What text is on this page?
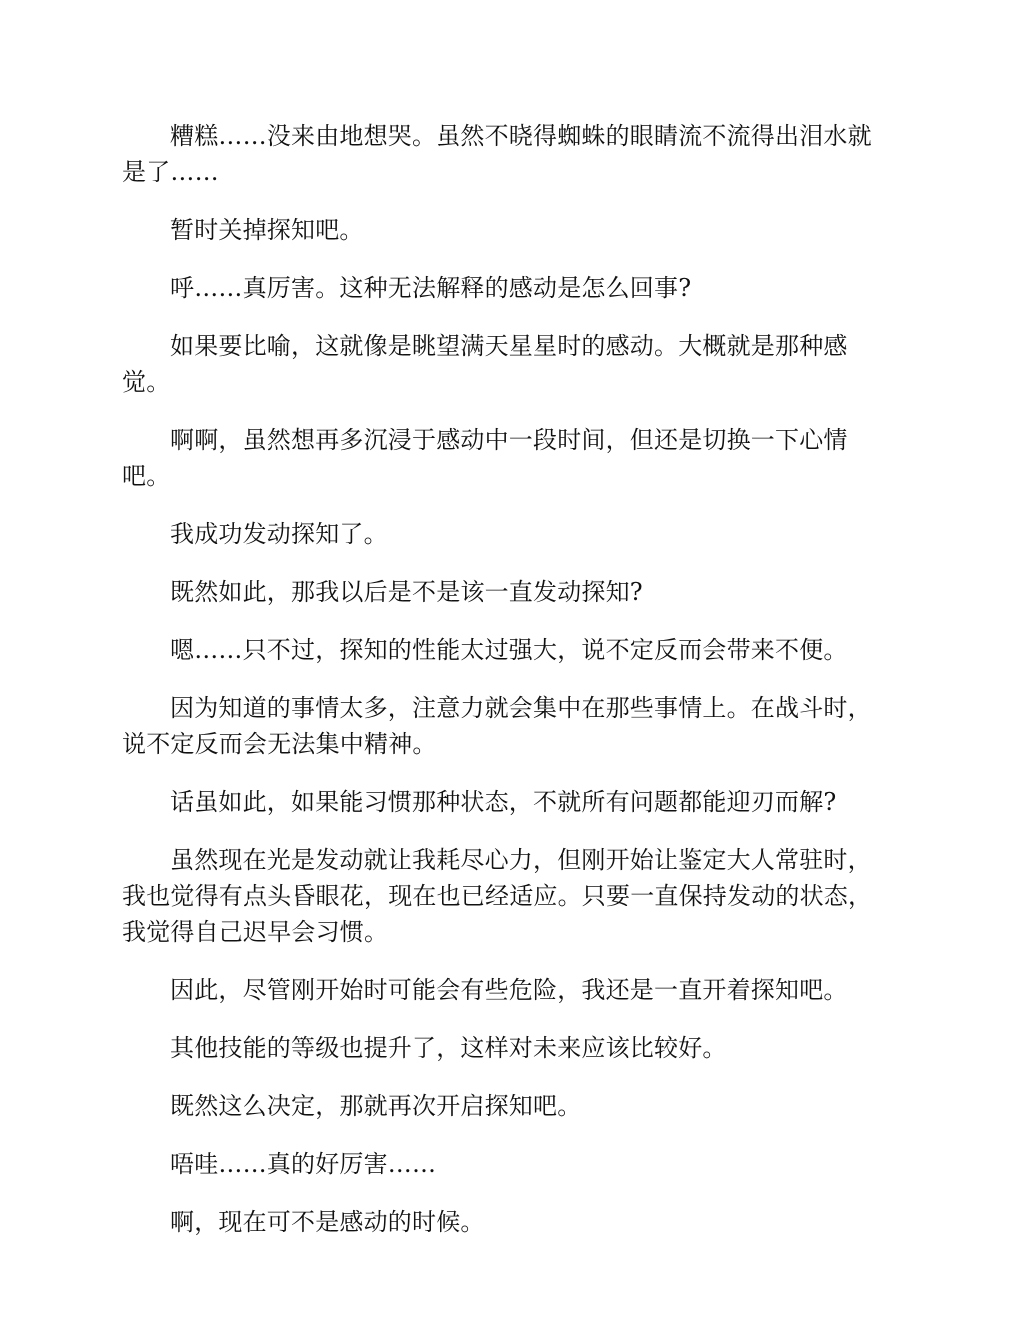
糟糕……没来由地想哭。虽然不晓得蜘蛛的眼睛流不流得出泪水就是了……

暂时关掉探知吧。

呼……真厉害。这种无法解释的感动是怎么回事?

如果要比喻，这就像是眺望满天星星时的感动。大概就是那种感觉。

啊啊，虽然想再多沉浸于感动中一段时间，但还是切换一下心情吧。

我成功发动探知了。

既然如此，那我以后是不是该一直发动探知?

嗯……只不过，探知的性能太过强大，说不定反而会带来不便。

因为知道的事情太多，注意力就会集中在那些事情上。在战斗时，说不定反而会无法集中精神。

话虽如此，如果能习惯那种状态，不就所有问题都能迎刃而解?

虽然现在光是发动就让我耗尽心力，但刚开始让鉴定大人常驻时，我也觉得有点头昏眼花，现在也已经适应。只要一直保持发动的状态，我觉得自己迟早会习惯。

因此，尽管刚开始时可能会有些危险，我还是一直开着探知吧。

其他技能的等级也提升了，这样对未来应该比较好。

既然这么决定，那就再次开启探知吧。

唔哇……真的好厉害……

啊，现在可不是感动的时候。
